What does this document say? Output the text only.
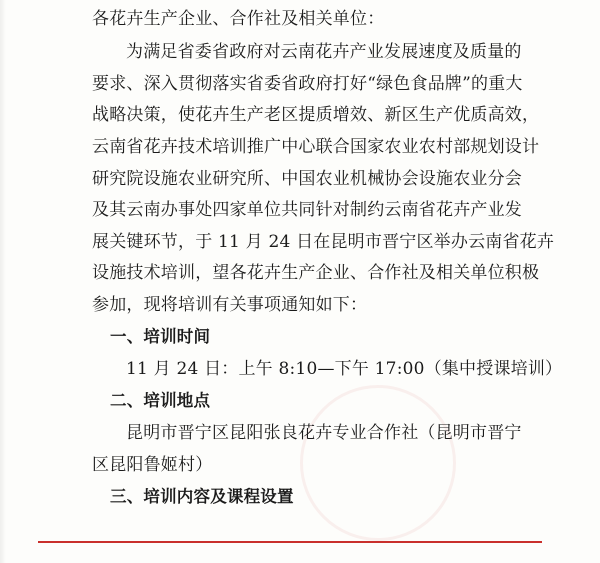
各花卉生产企业、合作社及相关单位：
为满足省委省政府对云南花卉产业发展速度及质量的
要求、深入贯彻落实省委省政府打好“绿色食品牌”的重大
战略决策，使花卉生产老区提质增效、新区生产优质高效，
云南省花卉技术培训推广中心联合国家农业农村部规划设计
研究院设施农业研究所、中国农业机械协会设施农业分会
及其云南办事处四家单位共同针对制约云南省花卉产业发
展关键环节，于 11 月 24 日在昆明市晋宁区举办云南省花卉
设施技术培训，望各花卉生产企业、合作社及相关单位积极
参加，现将培训有关事项通知如下：
一、培训时间
11 月 24 日：上午 8:10—下午 17:00（集中授课培训）
二、培训地点
昆明市晋宁区昆阳张良花卉专业合作社（昆明市晋宁
区昆阳鲁姬村）
三、培训内容及课程设置
